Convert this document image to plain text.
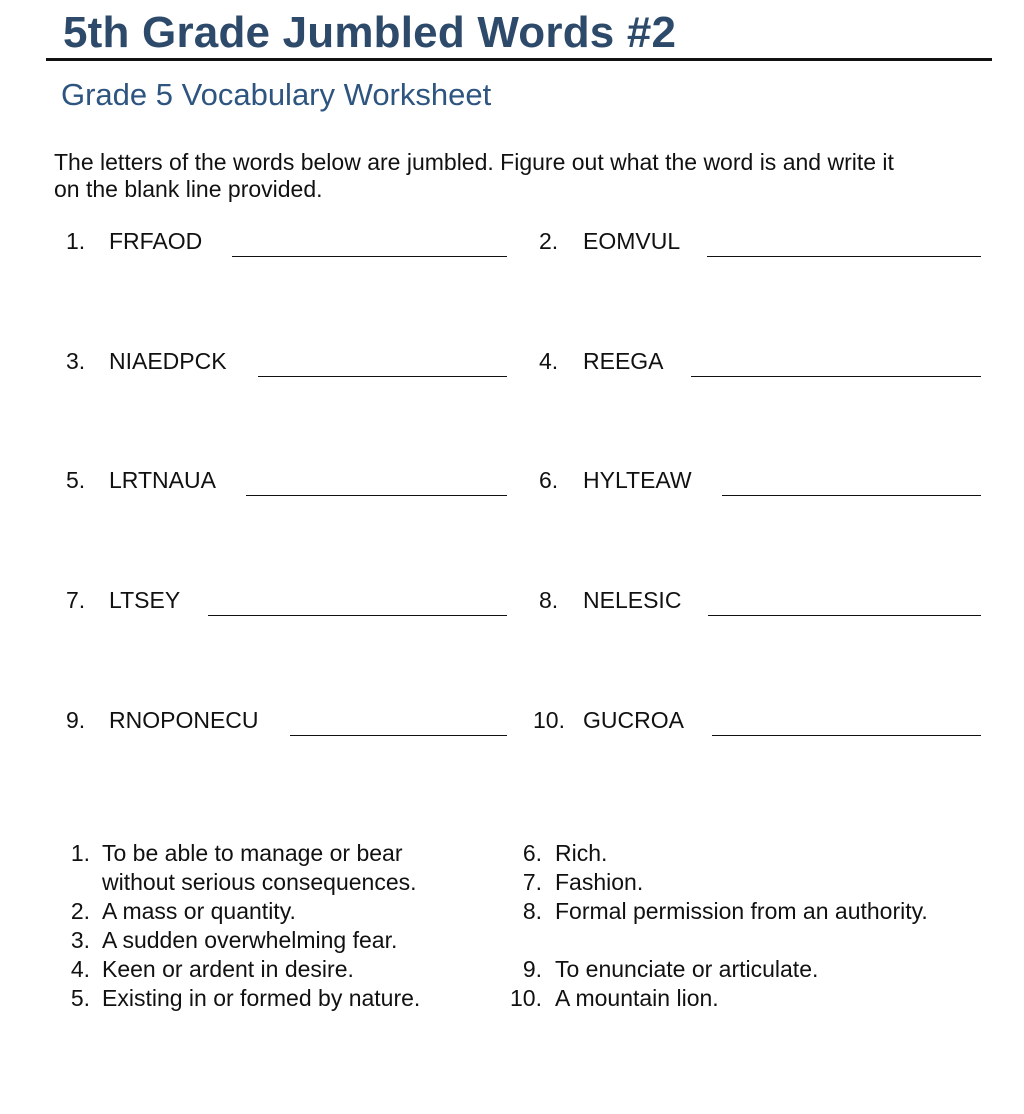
5th Grade Jumbled Words #2
Grade 5 Vocabulary Worksheet
The letters of the words below are jumbled. Figure out what the word is and write it on the blank line provided.
1. FRFAOD	2. EOMVUL
3. NIAEDPCK	4. REEGA
5. LRTNAUA	6. HYLTEAW
7. LTSEY	8. NELESIC
9. RNOPONECU	10. GUCROA
1. To be able to manage or bear
without serious consequences.
2. A mass or quantity.
3. A sudden overwhelming fear.
4. Keen or ardent in desire.
5. Existing in or formed by nature.
6. Rich.
7. Fashion.
8. Formal permission from an authority.
9. To enunciate or articulate.
10. A mountain lion.
